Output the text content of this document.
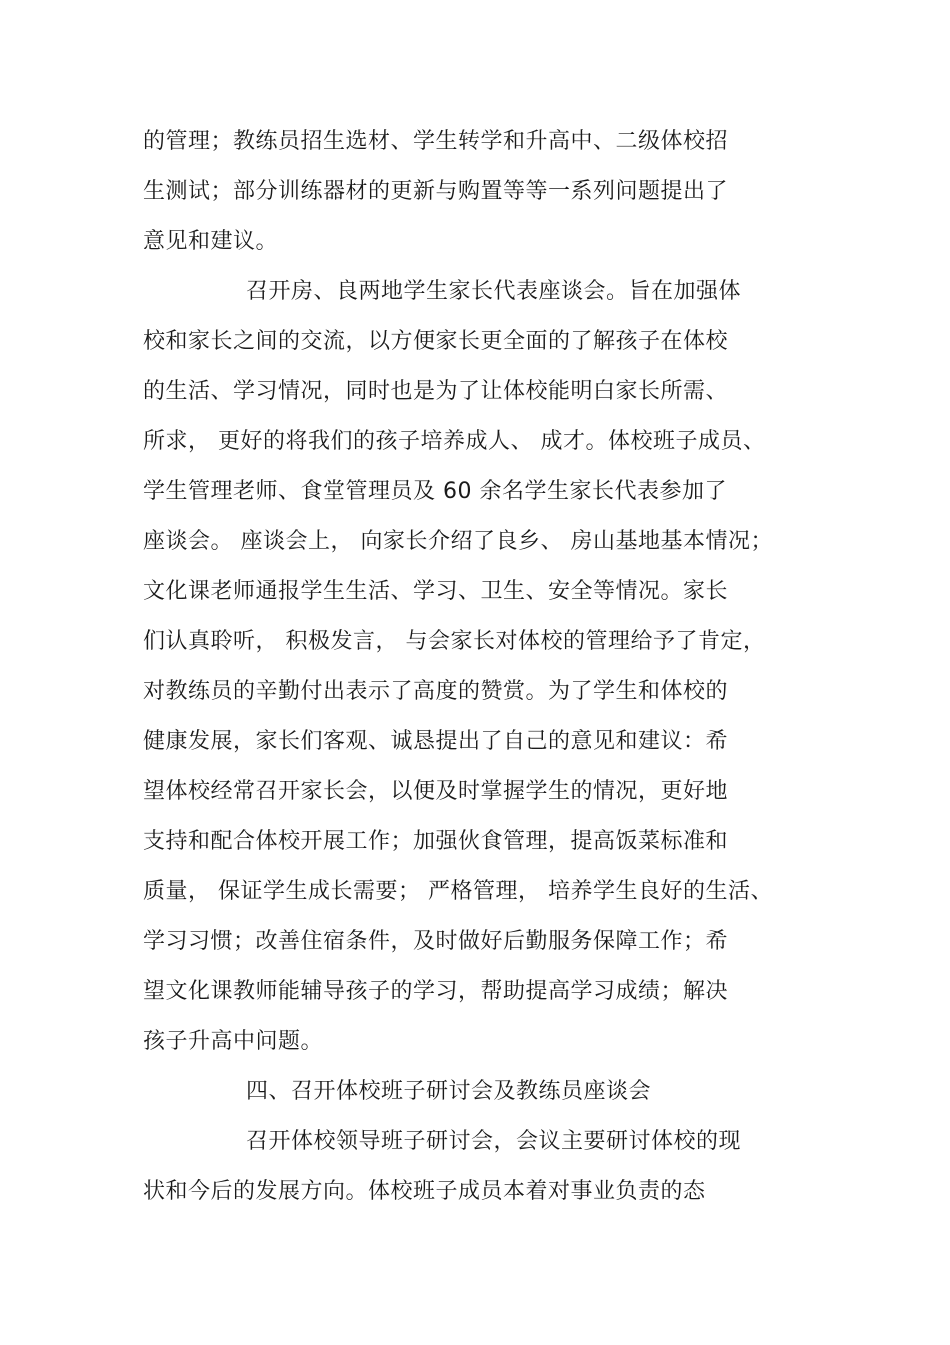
的管理；教练员招生选材、学生转学和升高中、二级体校招
生测试；部分训练器材的更新与购置等等一系列问题提出了
意见和建议。
召开房、良两地学生家长代表座谈会。旨在加强体
校和家长之间的交流，以方便家长更全面的了解孩子在体校
的生活、学习情况，同时也是为了让体校能明白家长所需、
所求， 更好的将我们的孩子培养成人、 成才。体校班子成员、
学生管理老师、食堂管理员及 60 余名学生家长代表参加了
座谈会。 座谈会上， 向家长介绍了良乡、 房山基地基本情况；
文化课老师通报学生生活、学习、卫生、安全等情况。家长
们认真聆听， 积极发言， 与会家长对体校的管理给予了肯定，
对教练员的辛勤付出表示了高度的赞赏。为了学生和体校的
健康发展，家长们客观、诚恳提出了自己的意见和建议：希
望体校经常召开家长会，以便及时掌握学生的情况，更好地
支持和配合体校开展工作；加强伙食管理，提高饭菜标准和
质量， 保证学生成长需要； 严格管理， 培养学生良好的生活、
学习习惯；改善住宿条件，及时做好后勤服务保障工作；希
望文化课教师能辅导孩子的学习，帮助提高学习成绩；解决
孩子升高中问题。
四、召开体校班子研讨会及教练员座谈会
召开体校领导班子研讨会，会议主要研讨体校的现
状和今后的发展方向。体校班子成员本着对事业负责的态
